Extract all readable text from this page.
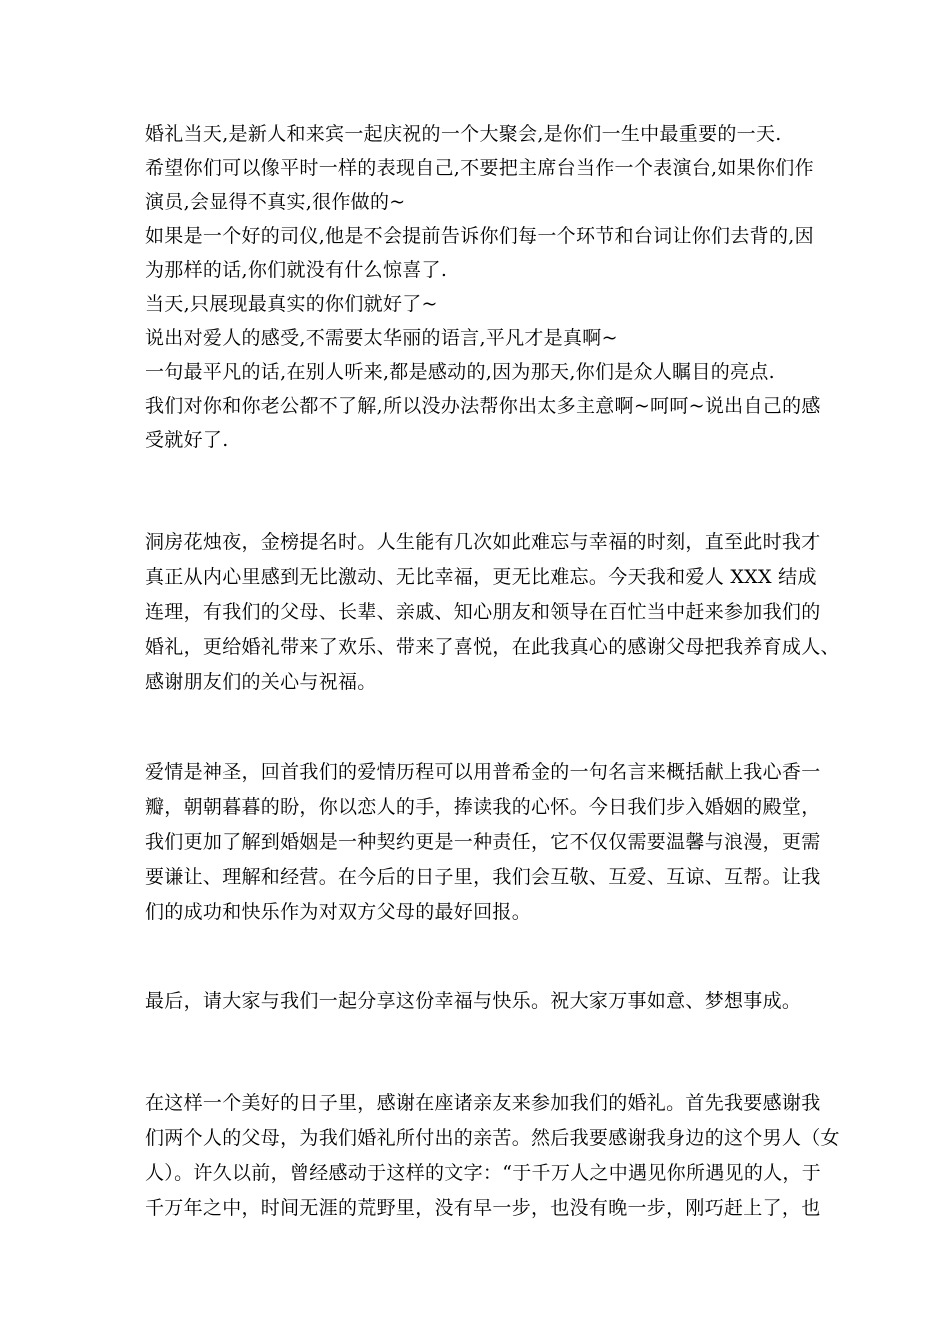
婚礼当天,是新人和来宾一起庆祝的一个大聚会,是你们一生中最重要的一天.
希望你们可以像平时一样的表现自己,不要把主席台当作一个表演台,如果你们作
演员,会显得不真实,很作做的~
如果是一个好的司仪,他是不会提前告诉你们每一个环节和台词让你们去背的,因
为那样的话,你们就没有什么惊喜了.
当天,只展现最真实的你们就好了~
说出对爱人的感受,不需要太华丽的语言,平凡才是真啊~
一句最平凡的话,在别人听来,都是感动的,因为那天,你们是众人瞩目的亮点.
我们对你和你老公都不了解,所以没办法帮你出太多主意啊~呵呵~说出自己的感
受就好了.
洞房花烛夜，金榜提名时。人生能有几次如此难忘与幸福的时刻，直至此时我才
真正从内心里感到无比激动、无比幸福，更无比难忘。今天我和爱人 XXX 结成
连理，有我们的父母、长辈、亲戚、知心朋友和领导在百忙当中赶来参加我们的
婚礼，更给婚礼带来了欢乐、带来了喜悦，在此我真心的感谢父母把我养育成人、
感谢朋友们的关心与祝福。
爱情是神圣，回首我们的爱情历程可以用普希金的一句名言来概括献上我心香一
瓣，朝朝暮暮的盼，你以恋人的手，捧读我的心怀。今日我们步入婚姻的殿堂，
我们更加了解到婚姻是一种契约更是一种责任，它不仅仅需要温馨与浪漫，更需
要谦让、理解和经营。在今后的日子里，我们会互敬、互爱、互谅、互帮。让我
们的成功和快乐作为对双方父母的最好回报。
最后，请大家与我们一起分享这份幸福与快乐。祝大家万事如意、梦想事成。
在这样一个美好的日子里，感谢在座诸亲友来参加我们的婚礼。首先我要感谢我
们两个人的父母，为我们婚礼所付出的亲苦。然后我要感谢我身边的这个男人（女
人）。许久以前，曾经感动于这样的文字：“于千万人之中遇见你所遇见的人，于
千万年之中，时间无涯的荒野里，没有早一步，也没有晚一步，刚巧赶上了，也
